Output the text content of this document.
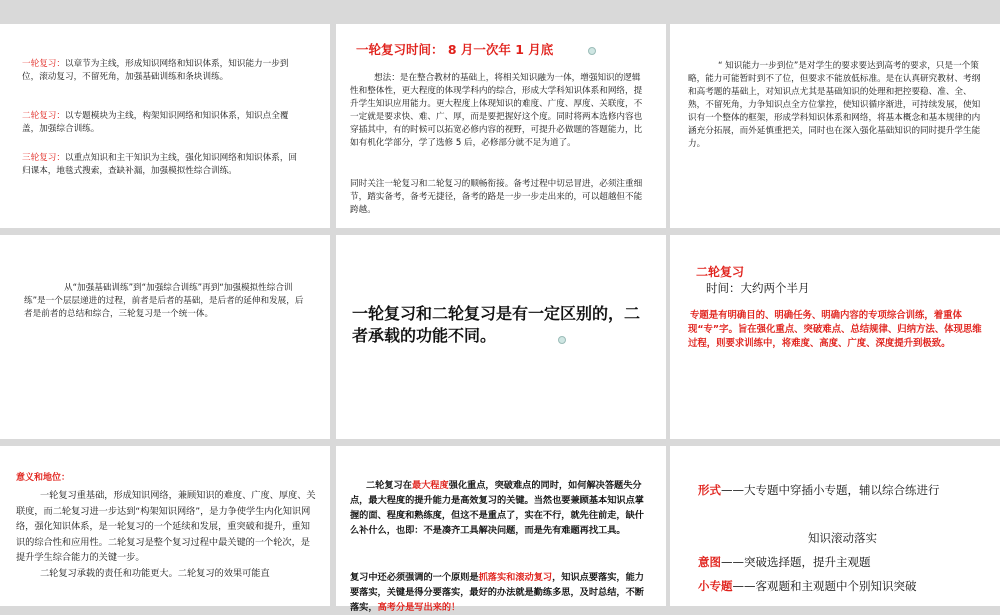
一轮复习：以章节为主线，形成知识网络和知识体系，知识能力一步到位，滚动复习，不留死角，加强基础训练和条块训练。

二轮复习：以专题模块为主线，构架知识网络和知识体系，知识点全覆盖，加强综合训练。

三轮复习：以重点知识和主干知识为主线，强化知识网络和知识体系，回归课本，地毯式搜索，查缺补漏，加强模拟性综合训练。

一轮复习时间： 8 月一次年 1 月底

想法：是在整合教材的基础上，将相关知识融为一体，增强知识的逻辑性和整体性，更大程度的体现学科内的综合，形成大学科知识体系和网络，提升学生知识应用能力。更大程度上体现知识的难度、广度、厚度、关联度，不一定就是要求快、难、广、厚，而是要把握好这个度。同时将两本选修内容也穿插其中，有的时候可以拓宽必修内容的视野，可提升必做题的答题能力，比如有机化学部分，学了选修 5 后，必修部分就不足为道了。

同时关注一轮复习和二轮复习的顺畅衔接。备考过程中切忌冒进，必须注重细节，踏实备考，备考无捷径，备考的路是一步一步走出来的，可以超越但不能跨越。

“ 知识能力一步到位”是对学生的要求要达到高考的要求，只是一个策略，能力可能暂时到不了位，但要求不能放低标准。是在认真研究教材、考纲和高考题的基础上，对知识点尤其是基础知识的处理和把控要稳、准、全、熟，不留死角，力争知识点全方位掌控，使知识循序渐进，可持续发展，使知识有一个整体的框架，形成学科知识体系和网络，将基本概念和基本规律的内涵充分拓展，而外延慎重把关，同时也在深入强化基础知识的同时提升学生能力。

从“加强基础训练”到“加强综合训练”再到“加强模拟性综合训练”是一个层层递进的过程，前者是后者的基础，是后者的延伸和发展，后者是前者的总结和综合，三轮复习是一个统一体。	一轮复习和二轮复习是有一定区别的，二者承载的功能不同。

二轮复习
时间：大约两个半月

专题是有明确目的、明确任务、明确内容的专项综合训练，着重体现“专”字。旨在强化重点、突破难点、总结规律、归纳方法、体现思维过程，则要求训练中，将难度、高度、广度、深度提升到极致。

意义和地位：

一轮复习重基础，形成知识网络，兼顾知识的难度、广度、厚度、关联度，而二轮复习进一步达到“构架知识网络”，是力争使学生内化知识网络，强化知识体系，是一轮复习的一个延续和发展，重突破和提升，重知识的综合性和应用性。二轮复习是整个复习过程中最关键的一个轮次，是提升学生综合能力的关键一步。

二轮复习承载的责任和功能更大。二轮复习的效果可能直

二轮复习在最大程度强化重点，突破难点的同时，如何解决答题失分点，最大程度的提升能力是高效复习的关键。当然也要兼顾基本知识点掌握的面、程度和熟练度，但这不是重点了，实在不行，就先往前走，缺什么补什么，也即：不是凑齐工具解决问题，而是先有难题再找工具。

复习中还必须强调的一个原则是抓落实和滚动复习，知识点要落实，能力要落实，关键是得分要落实，最好的办法就是勤练多思，及时总结，不断落实，高考分是写出来的！

形式——大专题中穿插小专题，辅以综合练进行
知识滚动落实
意图——突破选择题，提升主观题
小专题——客观题和主观题中个别知识突破
